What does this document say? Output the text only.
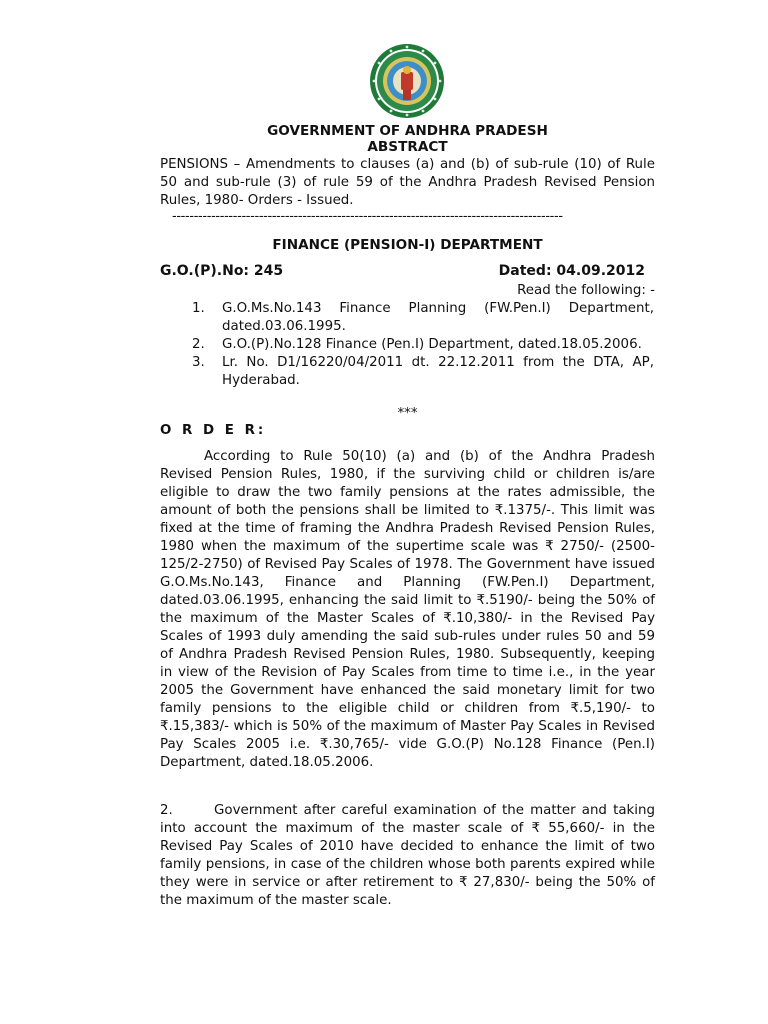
GOVERNMENT OF ANDHRA PRADESH
ABSTRACT
PENSIONS – Amendments to clauses (a) and (b) of sub-rule (10) of Rule 50 and sub-rule (3) of rule 59 of the Andhra Pradesh Revised Pension Rules, 1980- Orders - Issued.
------------------------------------------------------------------------------------------
FINANCE (PENSION-I) DEPARTMENT
G.O.(P).No: 245	Dated: 04.09.2012
Read the following: -
1. G.O.Ms.No.143 Finance Planning (FW.Pen.I) Department, dated.03.06.1995.
2. G.O.(P).No.128 Finance (Pen.I) Department, dated.18.05.2006.
3. Lr. No. D1/16220/04/2011 dt. 22.12.2011 from the DTA, AP, Hyderabad.
***
O R D E R:
According to Rule 50(10) (a) and (b) of the Andhra Pradesh Revised Pension Rules, 1980, if the surviving child or children is/are eligible to draw the two family pensions at the rates admissible, the amount of both the pensions shall be limited to ₹.1375/-. This limit was fixed at the time of framing the Andhra Pradesh Revised Pension Rules, 1980 when the maximum of the supertime scale was ₹ 2750/- (2500-125/2-2750) of Revised Pay Scales of 1978. The Government have issued G.O.Ms.No.143, Finance and Planning (FW.Pen.I) Department, dated.03.06.1995, enhancing the said limit to ₹.5190/- being the 50% of the maximum of the Master Scales of ₹.10,380/- in the Revised Pay Scales of 1993 duly amending the said sub-rules under rules 50 and 59 of Andhra Pradesh Revised Pension Rules, 1980. Subsequently, keeping in view of the Revision of Pay Scales from time to time i.e., in the year 2005 the Government have enhanced the said monetary limit for two family pensions to the eligible child or children from ₹.5,190/- to ₹.15,383/- which is 50% of the maximum of Master Pay Scales in Revised Pay Scales 2005 i.e. ₹.30,765/- vide G.O.(P) No.128 Finance (Pen.I) Department, dated.18.05.2006.
2.	Government after careful examination of the matter and taking into account the maximum of the master scale of ₹ 55,660/- in the Revised Pay Scales of 2010 have decided to enhance the limit of two family pensions, in case of the children whose both parents expired while they were in service or after retirement to ₹ 27,830/- being the 50% of the maximum of the master scale.
